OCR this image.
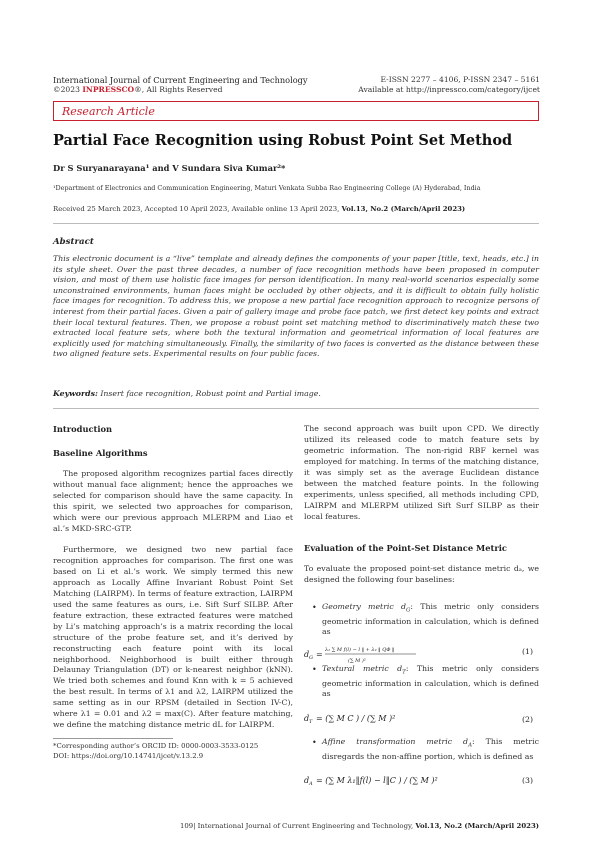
International Journal of Current Engineering and Technology
©2023 INPRESSCO®, All Rights Reserved
E-ISSN 2277 – 4106, P-ISSN 2347 – 5161
Available at http://inpressco.com/category/ijcet
Research Article
Partial Face Recognition using Robust Point Set Method
Dr S Suryanarayana¹ and V Sundara Siva Kumar²*
¹Department of Electronics and Communication Engineering, Maturi Venkata Subba Rao Engineering College (A) Hyderabad, India
Received 25 March 2023, Accepted 10 April 2023, Available online 13 April 2023, Vol.13, No.2 (March/April 2023)
Abstract
This electronic document is a “live” template and already defines the components of your paper [title, text, heads, etc.] in its style sheet. Over the past three decades, a number of face recognition methods have been proposed in computer vision, and most of them use holistic face images for person identification. In many real-world scenarios especially some unconstrained environments, human faces might be occluded by other objects, and it is difficult to obtain fully holistic face images for recognition. To address this, we propose a new partial face recognition approach to recognize persons of interest from their partial faces. Given a pair of gallery image and probe face patch, we first detect key points and extract their local textural features. Then, we propose a robust point set matching method to discriminatively match these two extracted local feature sets, where both the textural information and geometrical information of local features are explicitly used for matching simultaneously. Finally, the similarity of two faces is converted as the distance between these two aligned feature sets. Experimental results on four public faces.
Keywords: Insert face recognition, Robust point and Partial image.
Introduction
Baseline Algorithms
The proposed algorithm recognizes partial faces directly without manual face alignment; hence the approaches we selected for comparison should have the same capacity. In this spirit, we selected two approaches for comparison, which were our previous approach MLERPM and Liao et al.’s MKD-SRC-GTP.
Furthermore, we designed two new partial face recognition approaches for comparison. The first one was based on Li et al.’s work. We simply termed this new approach as Locally Affine Invariant Robust Point Set Matching (LAIRPM). In terms of feature extraction, LAIRPM used the same features as ours, i.e. Sift Surf SILBP. After feature extraction, these extracted features were matched by Li’s matching approach’s is a matrix recording the local structure of the probe feature set, and it’s derived by reconstructing each feature point with its local neighborhood. Neighborhood is built either through Delaunay Triangulation (DT) or k-nearest neighbor (kNN). We tried both schemes and found Knn with k = 5 achieved the best result. In terms of λ1 and λ2, LAIRPM utilized the same setting as in our RPSM (detailed in Section IV-C), where λ1 = 0.01 and λ2 = max(C). After feature matching, we define the matching distance metric dL for LAIRPM.
*Corresponding author’s ORCID ID: 0000-0003-3533-0125
DOI: https://doi.org/10.14741/ijcet/v.13.2.9
The second approach was built upon CPD. We directly utilized its released code to match feature sets by geometric information. The non-rigid RBF kernel was employed for matching. In terms of the matching distance, it was simply set as the average Euclidean distance between the matched feature points. In the following experiments, unless specified, all methods including CPD, LAIRPM and MLERPM utilized Sift Surf SILBP as their local features.
Evaluation of the Point-Set Distance Metric
To evaluate the proposed point-set distance metric dₐ, we designed the following four baselines:
• Geometry metric $d_G$: This metric only considers geometric information in calculation, which is defined as
d G = λ₁ ∑ M f(l) − l ‖ + λ₂ ‖ QΦ ‖
(∑ M )²
(1)
• Textural metric $d_T$: This metric only considers geometric information in calculation, which is defined as
d T = (∑ M C ) / (∑ M )²	(2)
• Affine transformation metric $d_A$: This metric disregards the non-affine portion, which is defined as
d A = (∑ M λ₁‖f(l) − l‖C ) / (∑ M )²	(3)
109| International Journal of Current Engineering and Technology, Vol.13, No.2 (March/April 2023)
